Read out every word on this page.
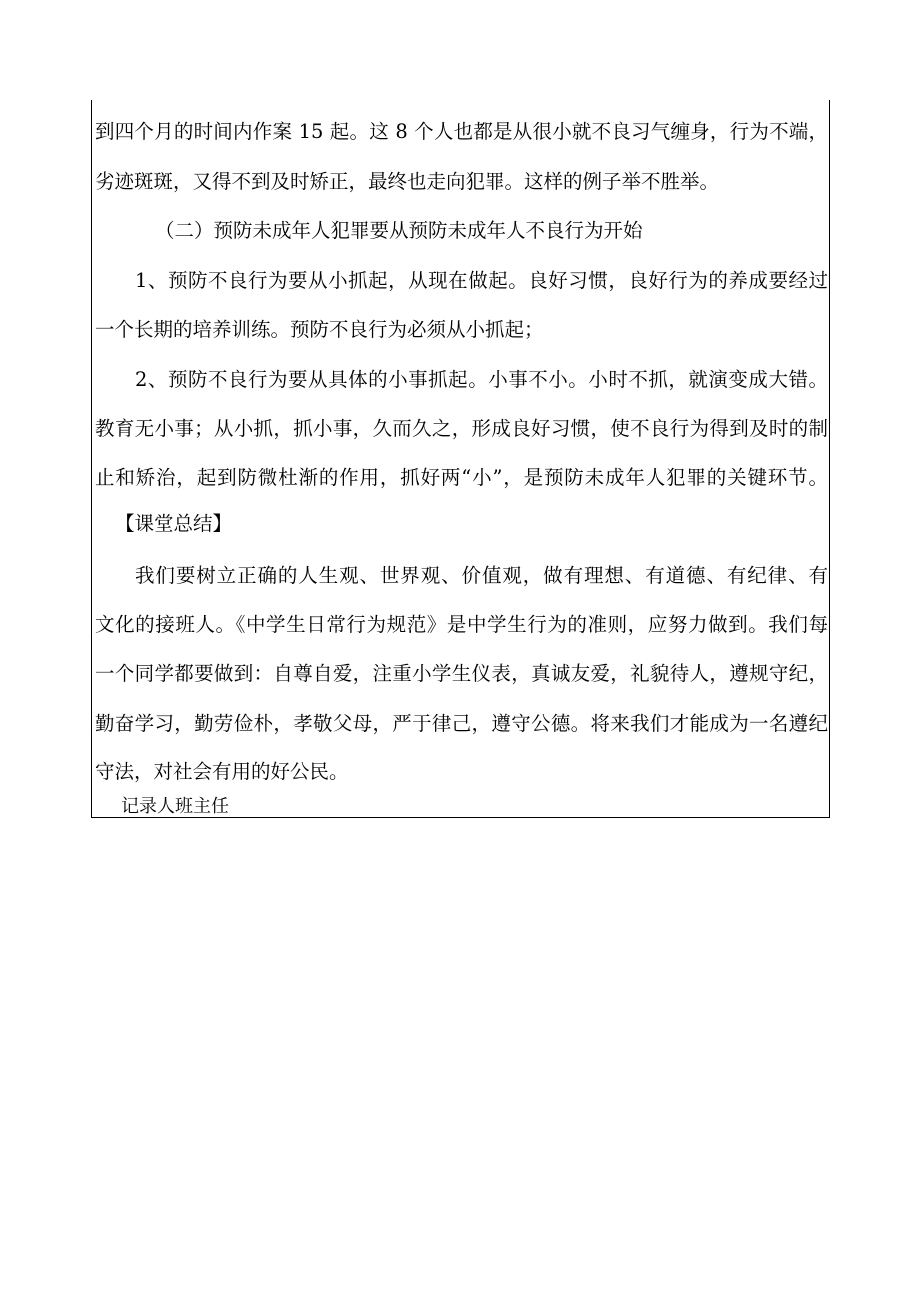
到四个月的时间内作案 15 起。这 8 个人也都是从很小就不良习气缠身，行为不端，
劣迹斑斑，又得不到及时矫正，最终也走向犯罪。这样的例子举不胜举。
（二）预防未成年人犯罪要从预防未成年人不良行为开始
1、预防不良行为要从小抓起，从现在做起。良好习惯，良好行为的养成要经过
一个长期的培养训练。预防不良行为必须从小抓起；
2、预防不良行为要从具体的小事抓起。小事不小。小时不抓，就演变成大错。
教育无小事；从小抓，抓小事，久而久之，形成良好习惯，使不良行为得到及时的制
止和矫治，起到防微杜渐的作用，抓好两“小”，是预防未成年人犯罪的关键环节。
【课堂总结】
我们要树立正确的人生观、世界观、价值观，做有理想、有道德、有纪律、有
文化的接班人。《中学生日常行为规范》是中学生行为的准则，应努力做到。我们每
一个同学都要做到：自尊自爱，注重小学生仪表，真诚友爱，礼貌待人，遵规守纪，
勤奋学习，勤劳俭朴，孝敬父母，严于律己，遵守公德。将来我们才能成为一名遵纪
守法，对社会有用的好公民。
记录人班主任
